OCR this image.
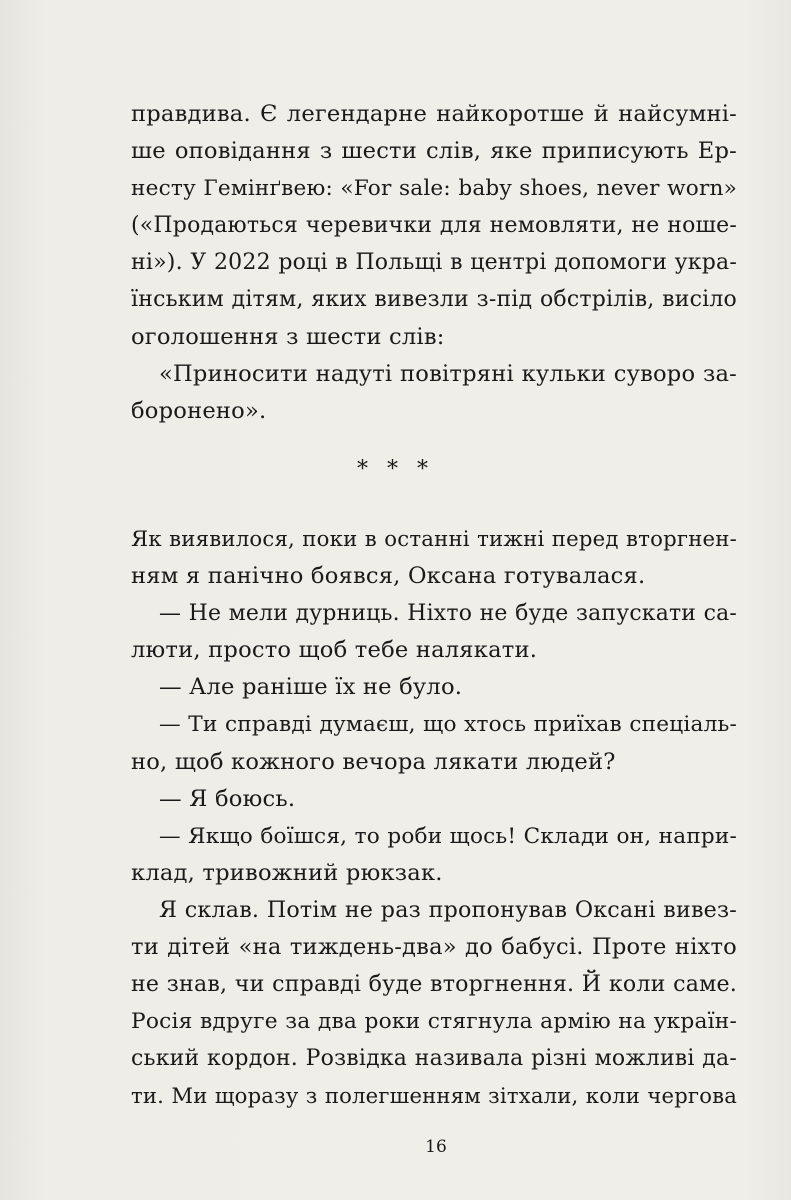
правдива. Є легендарне найкоротше й найсумні-
ше оповідання з шести слів, яке приписують Ер-
несту Гемінґвею: «For sale: baby shoes, never worn»
(«Продаються черевички для немовляти, не ноше-
ні»). У 2022 році в Польщі в центрі допомоги укра-
їнським дітям, яких вивезли з-під обстрілів, висіло
оголошення з шести слів:
«Приносити надуті повітряні кульки суворо за-
боронено».
* * *
Як виявилося, поки в останні тижні перед вторгнен-
ням я панічно боявся, Оксана готувалася.
— Не мели дурниць. Ніхто не буде запускати са-
люти, просто щоб тебе налякати.
— Але раніше їх не було.
— Ти справді думаєш, що хтось приїхав спеціаль-
но, щоб кожного вечора лякати людей?
— Я боюсь.
— Якщо боїшся, то роби щось! Склади он, напри-
клад, тривожний рюкзак.
Я склав. Потім не раз пропонував Оксані вивез-
ти дітей «на тиждень-два» до бабусі. Проте ніхто
не знав, чи справді буде вторгнення. Й коли саме.
Росія вдруге за два роки стягнула армію на україн-
ський кордон. Розвідка називала різні можливі да-
ти. Ми щоразу з полегшенням зітхали, коли чергова
16
